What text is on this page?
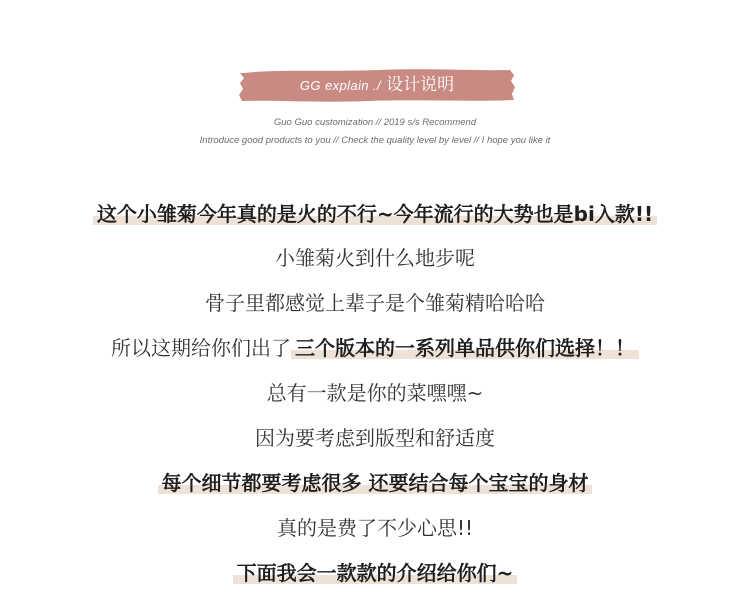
GG explain ./ 设计说明
Guo Guo customization // 2019 s/s Recommend
Introduce good products to you // Check the quality level by level // I hope you like it
这个小雏菊今年真的是火的不行~今年流行的大势也是bi入款!!
小雏菊火到什么地步呢
骨子里都感觉上辈子是个雏菊精哈哈哈
所以这期给你们出了 三个版本的一系列单品供你们选择！！
总有一款是你的菜嘿嘿~
因为要考虑到版型和舒适度
每个细节都要考虑很多 还要结合每个宝宝的身材
真的是费了不少心思!!
下面我会一款款的介绍给你们~
